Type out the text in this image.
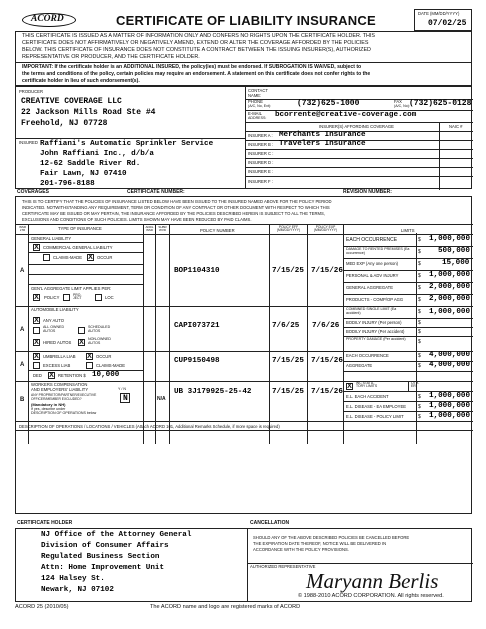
ACORD	CERTIFICATE OF LIABILITY INSURANCE	DATE (MM/DD/YYYY)
07/02/25
THIS CERTIFICATE IS ISSUED AS A MATTER OF INFORMATION ONLY AND CONFERS NO RIGHTS UPON THE CERTIFICATE HOLDER. THIS
CERTIFICATE DOES NOT AFFIRMATIVELY OR NEGATIVELY AMEND, EXTEND OR ALTER THE COVERAGE AFFORDED BY THE POLICIES
BELOW. THIS CERTIFICATE OF INSURANCE DOES NOT CONSTITUTE A CONTRACT BETWEEN THE ISSUING INSURER(S), AUTHORIZED
REPRESENTATIVE OR PRODUCER, AND THE CERTIFICATE HOLDER.
IMPORTANT: If the certificate holder is an ADDITIONAL INSURED, the policy(ies) must be endorsed. If SUBROGATION IS WAIVED, subject to
the terms and conditions of the policy, certain policies may require an endorsement. A statement on this certificate does not confer rights to the
certificate holder in lieu of such endorsement(s).
PRODUCER
CREATIVE COVERAGE LLC
22 Jackson Mills Road Ste #4
Freehold, NJ 07728
INSURED Raffiani's Automatic Sprinkler Service
John Raffiani Inc., d/b/a
12-62 Saddle River Rd.
Fair Lawn, NJ 07410
201-796-8188
CONTACT
NAME:
PHONE
(A/C, No, Ext):	(732)625-1000	FAX
(A/C, No): (732)625-0128
E-MAIL
ADDRESS: bcorrente@creative-coverage.com
INSURER(S) AFFORDING COVERAGE	NAIC #
INSURER A : Merchants Insurance
INSURER B : Travelers Insurance
INSURER C :
INSURER D :
INSURER E :
INSURER F :
COVERAGES	CERTIFICATE NUMBER:	REVISION NUMBER:
THIS IS TO CERTIFY THAT THE POLICIES OF INSURANCE LISTED BELOW HAVE BEEN ISSUED TO THE INSURED NAMED ABOVE FOR THE POLICY PERIOD
INDICATED. NOTWITHSTANDING ANY REQUIREMENT, TERM OR CONDITION OF ANY CONTRACT OR OTHER DOCUMENT WITH RESPECT TO WHICH THIS
CERTIFICATE MAY BE ISSUED OR MAY PERTAIN, THE INSURANCE AFFORDED BY THE POLICIES DESCRIBED HEREIN IS SUBJECT TO ALL THE TERMS,
EXCLUSIONS AND CONDITIONS OF SUCH POLICIES. LIMITS SHOWN MAY HAVE BEEN REDUCED BY PAID CLAIMS.
INSR LTR	TYPE OF INSURANCE	ADDL INSD
SUBR WVD	POLICY NUMBER
POLICY EFF (MM/DD/YYYY)
POLICY EXP (MM/DD/YYYY)	LIMITS
A
GENERAL LIABILITY
X COMMERCIAL GENERAL LIABILITY
CLAIMS-MADE X OCCUR
GEN'L AGGREGATE LIMIT APPLIES PER:
X POLICY	PRO-JECT	LOC
BOP1104310	7/15/25 7/15/26
EACH OCCURRENCE	$ 1,000,000
DAMAGE TO RENTED PREMISES (Ea occurrence)	$ 500,000
MED EXP (Any one person)	$	15,000
PERSONAL & ADV INJURY	$ 1,000,000
GENERAL AGGREGATE	$ 2,000,000
PRODUCTS - COMP/OP AGG	$ 2,000,000
A
AUTOMOBILE LIABILITY
X ANY AUTO
ALL OWNED AUTOS
SCHEDULED AUTOS
X HIRED AUTOS X	NON-OWNED AUTOS
CAPI073721	7/6/25 7/6/26
COMBINED SINGLE LIMIT (Ea accident)	$ 1,000,000
BODILY INJURY (Per person)	$
BODILY INJURY (Per accident)	$
PROPERTY DAMAGE (Per accident) $
A
X UMBRELLA LIAB X OCCUR
EXCESS LIAB	CLAIMS-MADE
DED X RETENTION $ 10,000
CUP9150498	7/15/25 7/15/26
EACH OCCURRENCE	$ 4,000,000
AGGREGATE	$ 4,000,000
B
WORKERS COMPENSATION
AND EMPLOYERS' LIABILITY	Y / N
ANY PROPRIETOR/PARTNER/EXECUTIVE
OFFICER/MEMBER EXCLUDED?
(Mandatory in NH)
If yes, describe under
DESCRIPTION OF OPERATIONS below
N	N/A
UB 3J179925-25-42	7/15/25 7/15/26
X	WC STATU- TORY LIMITS
OTH- ER
E.L. EACH ACCIDENT	$ 1,000,000
E.L. DISEASE - EA EMPLOYEE $ 1,000,000
E.L. DISEASE - POLICY LIMIT	$ 1,000,000
DESCRIPTION OF OPERATIONS / LOCATIONS / VEHICLES (Attach ACORD 101, Additional Remarks Schedule, if more space is required)
CERTIFICATE HOLDER	CANCELLATION
NJ Office of the Attorney General
Division of Consumer Affairs
Regulated Business Section
Attn: Home Improvement Unit
124 Halsey St.
Newark, NJ 07102
SHOULD ANY OF THE ABOVE DESCRIBED POLICIES BE CANCELLED BEFORE
THE EXPIRATION DATE THEREOF, NOTICE WILL BE DELIVERED IN
ACCORDANCE WITH THE POLICY PROVISIONS.
AUTHORIZED REPRESENTATIVE
Maryann Berlis
© 1988-2010 ACORD CORPORATION. All rights reserved.
ACORD 25 (2010/05)	The ACORD name and logo are registered marks of ACORD
